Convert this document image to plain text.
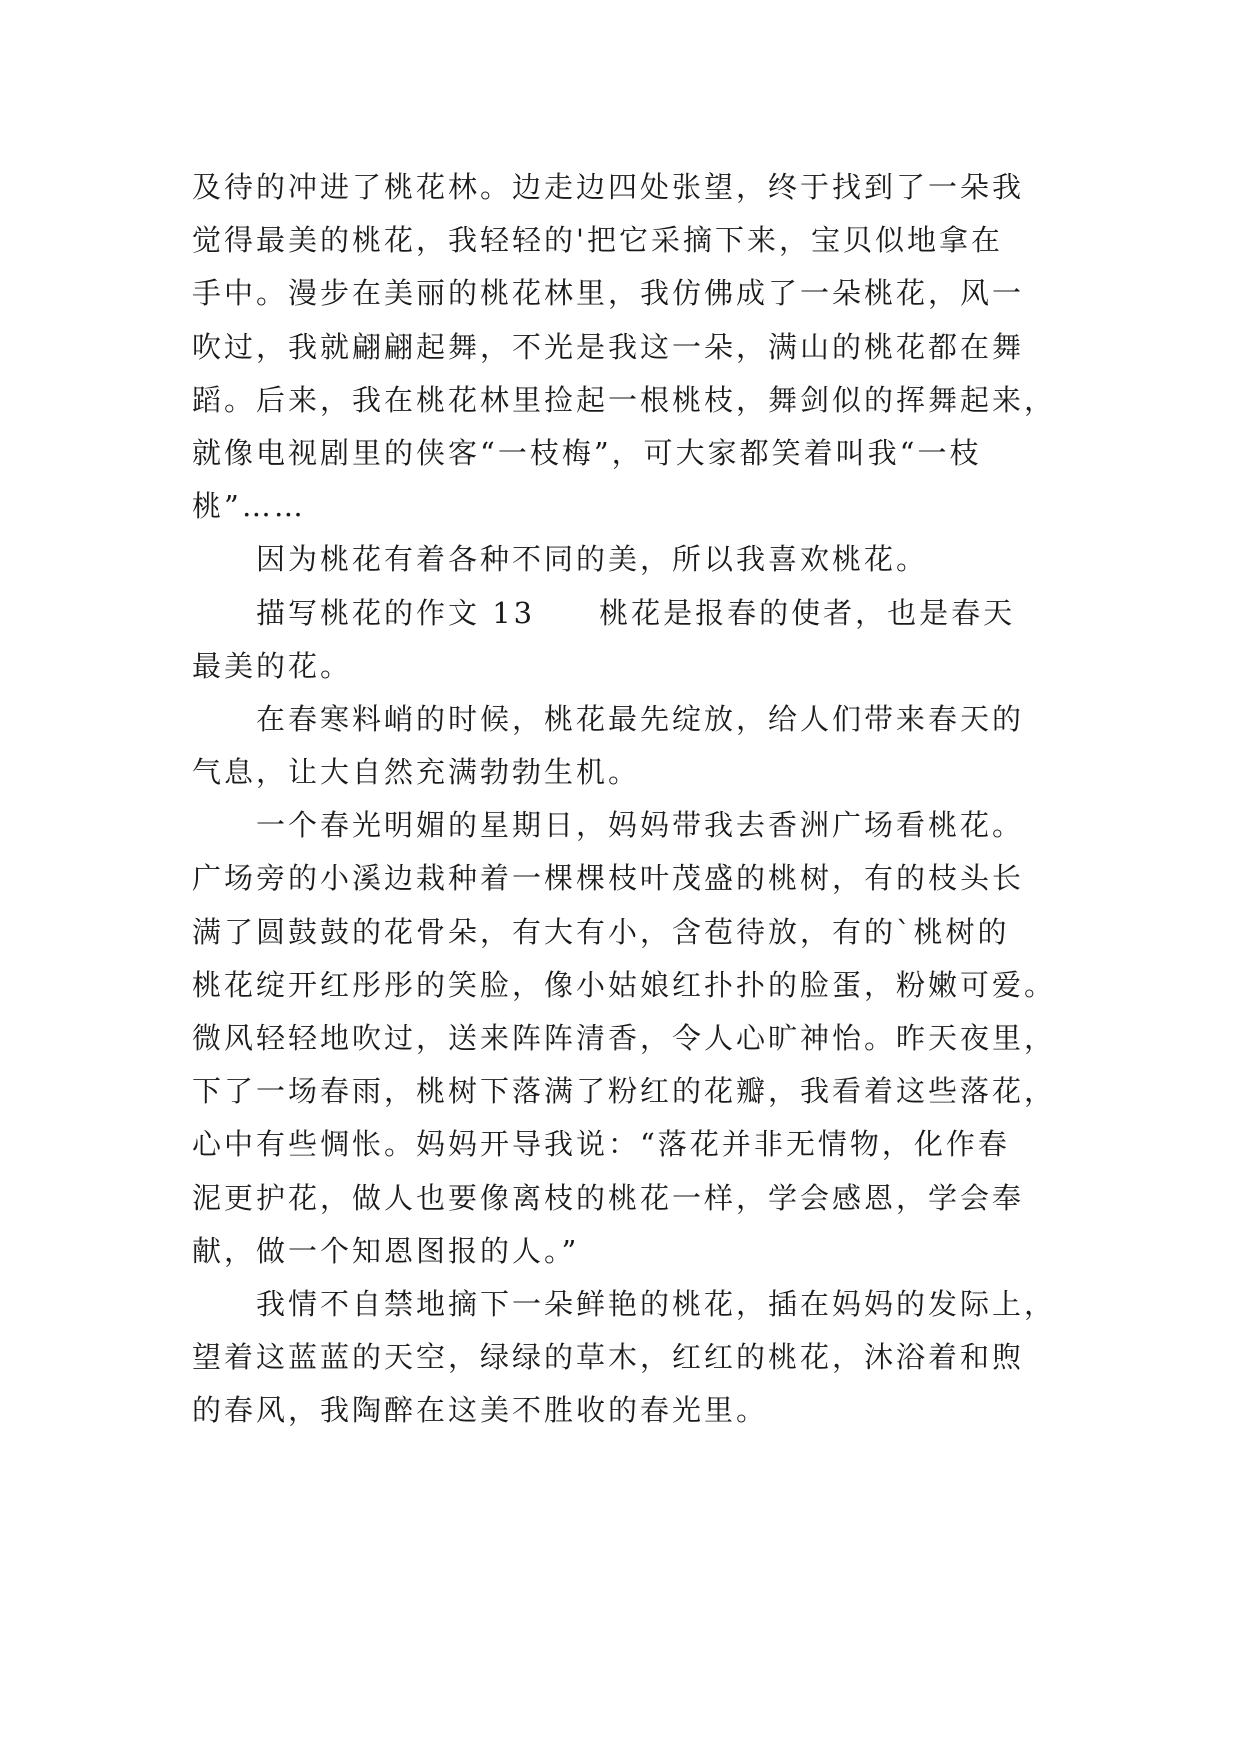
及待的冲进了桃花林。边走边四处张望，终于找到了一朵我
觉得最美的桃花，我轻轻的'把它采摘下来，宝贝似地拿在
手中。漫步在美丽的桃花林里，我仿佛成了一朵桃花，风一
吹过，我就翩翩起舞，不光是我这一朵，满山的桃花都在舞
蹈。后来，我在桃花林里捡起一根桃枝，舞剑似的挥舞起来，
就像电视剧里的侠客“一枝梅”，可大家都笑着叫我“一枝
桃”……
　　因为桃花有着各种不同的美，所以我喜欢桃花。
　　描写桃花的作文 13　　桃花是报春的使者，也是春天
最美的花。
　　在春寒料峭的时候，桃花最先绽放，给人们带来春天的
气息，让大自然充满勃勃生机。
　　一个春光明媚的星期日，妈妈带我去香洲广场看桃花。
广场旁的小溪边栽种着一棵棵枝叶茂盛的桃树，有的枝头长
满了圆鼓鼓的花骨朵，有大有小，含苞待放，有的`桃树的
桃花绽开红彤彤的笑脸，像小姑娘红扑扑的脸蛋，粉嫩可爱。
微风轻轻地吹过，送来阵阵清香，令人心旷神怡。昨天夜里，
下了一场春雨，桃树下落满了粉红的花瓣，我看着这些落花，
心中有些惆怅。妈妈开导我说：“落花并非无情物，化作春
泥更护花，做人也要像离枝的桃花一样，学会感恩，学会奉
献，做一个知恩图报的人。”
　　我情不自禁地摘下一朵鲜艳的桃花，插在妈妈的发际上，
望着这蓝蓝的天空，绿绿的草木，红红的桃花，沐浴着和煦
的春风，我陶醉在这美不胜收的春光里。
